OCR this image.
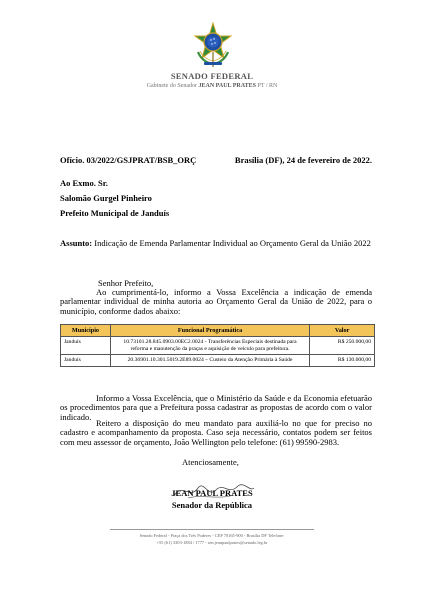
SENADO FEDERAL
Gabinete do Senador JEAN PAUL PRATES PT / RN
Ofício. 03/2022/GSJPRAT/BSB_ORÇ	Brasília (DF), 24 de fevereiro de 2022.
Ao Exmo. Sr.
Salomão Gurgel Pinheiro
Prefeito Municipal de Janduís
Assunto: Indicação de Emenda Parlamentar Individual ao Orçamento Geral da União 2022
Senhor Prefeito,
Ao cumprimentá-lo, informo a Vossa Excelência a indicação de emenda parlamentar individual de minha autoria ao Orçamento Geral da União de 2022, para o município, conforme dados abaixo:
Município	Funcional Programática	Valor
Janduís	10.73101.28.845.0903.00EC2.0024 - Transferências Especiais destinada para reforma e manutenção da praças e aquisição de veículo para prefeitura.	R$ 250.000,00
Janduís	20.36901.10.301.5019.2E89.0024 – Custeio da Atenção Primária à Saúde	R$ 130.000,00
Informo a Vossa Excelência, que o Ministério da Saúde e da Economia efetuarão os procedimentos para que a Prefeitura possa cadastrar as propostas de acordo com o valor indicado.
Reitero a disposição do meu mandato para auxiliá-lo no que for preciso no cadastro e acompanhamento da proposta. Caso seja necessário, contatos podem ser feitos com meu assessor de orçamento, João Wellington pelo telefone: (61) 99590-2983.
Atenciosamente,
JEAN PAUL PRATES
Senador da República
Senado Federal - Praça dos Três Poderes - CEP 70165-900 - Brasília DF Telefone:
+55 (61) 3303-1884 / 1777 - sen.jeanpaulprates@senado.leg.br
